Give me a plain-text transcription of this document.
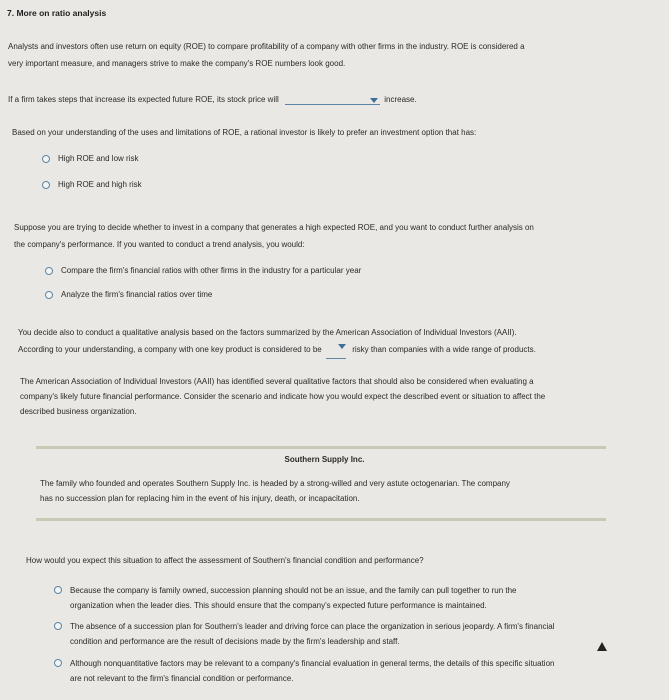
7. More on ratio analysis
Analysts and investors often use return on equity (ROE) to compare profitability of a company with other firms in the industry. ROE is considered a
very important measure, and managers strive to make the company's ROE numbers look good.
If a firm takes steps that increase its expected future ROE, its stock price will	increase.
Based on your understanding of the uses and limitations of ROE, a rational investor is likely to prefer an investment option that has:
High ROE and low risk
High ROE and high risk
Suppose you are trying to decide whether to invest in a company that generates a high expected ROE, and you want to conduct further analysis on
the company's performance. If you wanted to conduct a trend analysis, you would:
Compare the firm's financial ratios with other firms in the industry for a particular year
Analyze the firm's financial ratios over time
You decide also to conduct a qualitative analysis based on the factors summarized by the American Association of Individual Investors (AAII).
According to your understanding, a company with one key product is considered to be	risky than companies with a wide range of products.
The American Association of Individual Investors (AAII) has identified several qualitative factors that should also be considered when evaluating a
company's likely future financial performance. Consider the scenario and indicate how you would expect the described event or situation to affect the
described business organization.
Southern Supply Inc.
The family who founded and operates Southern Supply Inc. is headed by a strong-willed and very astute octogenarian. The company
has no succession plan for replacing him in the event of his injury, death, or incapacitation.
How would you expect this situation to affect the assessment of Southern's financial condition and performance?
Because the company is family owned, succession planning should not be an issue, and the family can pull together to run the
organization when the leader dies. This should ensure that the company's expected future performance is maintained.
The absence of a succession plan for Southern's leader and driving force can place the organization in serious jeopardy. A firm's financial
condition and performance are the result of decisions made by the firm's leadership and staff.
Although nonquantitative factors may be relevant to a company's financial evaluation in general terms, the details of this specific situation
are not relevant to the firm's financial condition or performance.
